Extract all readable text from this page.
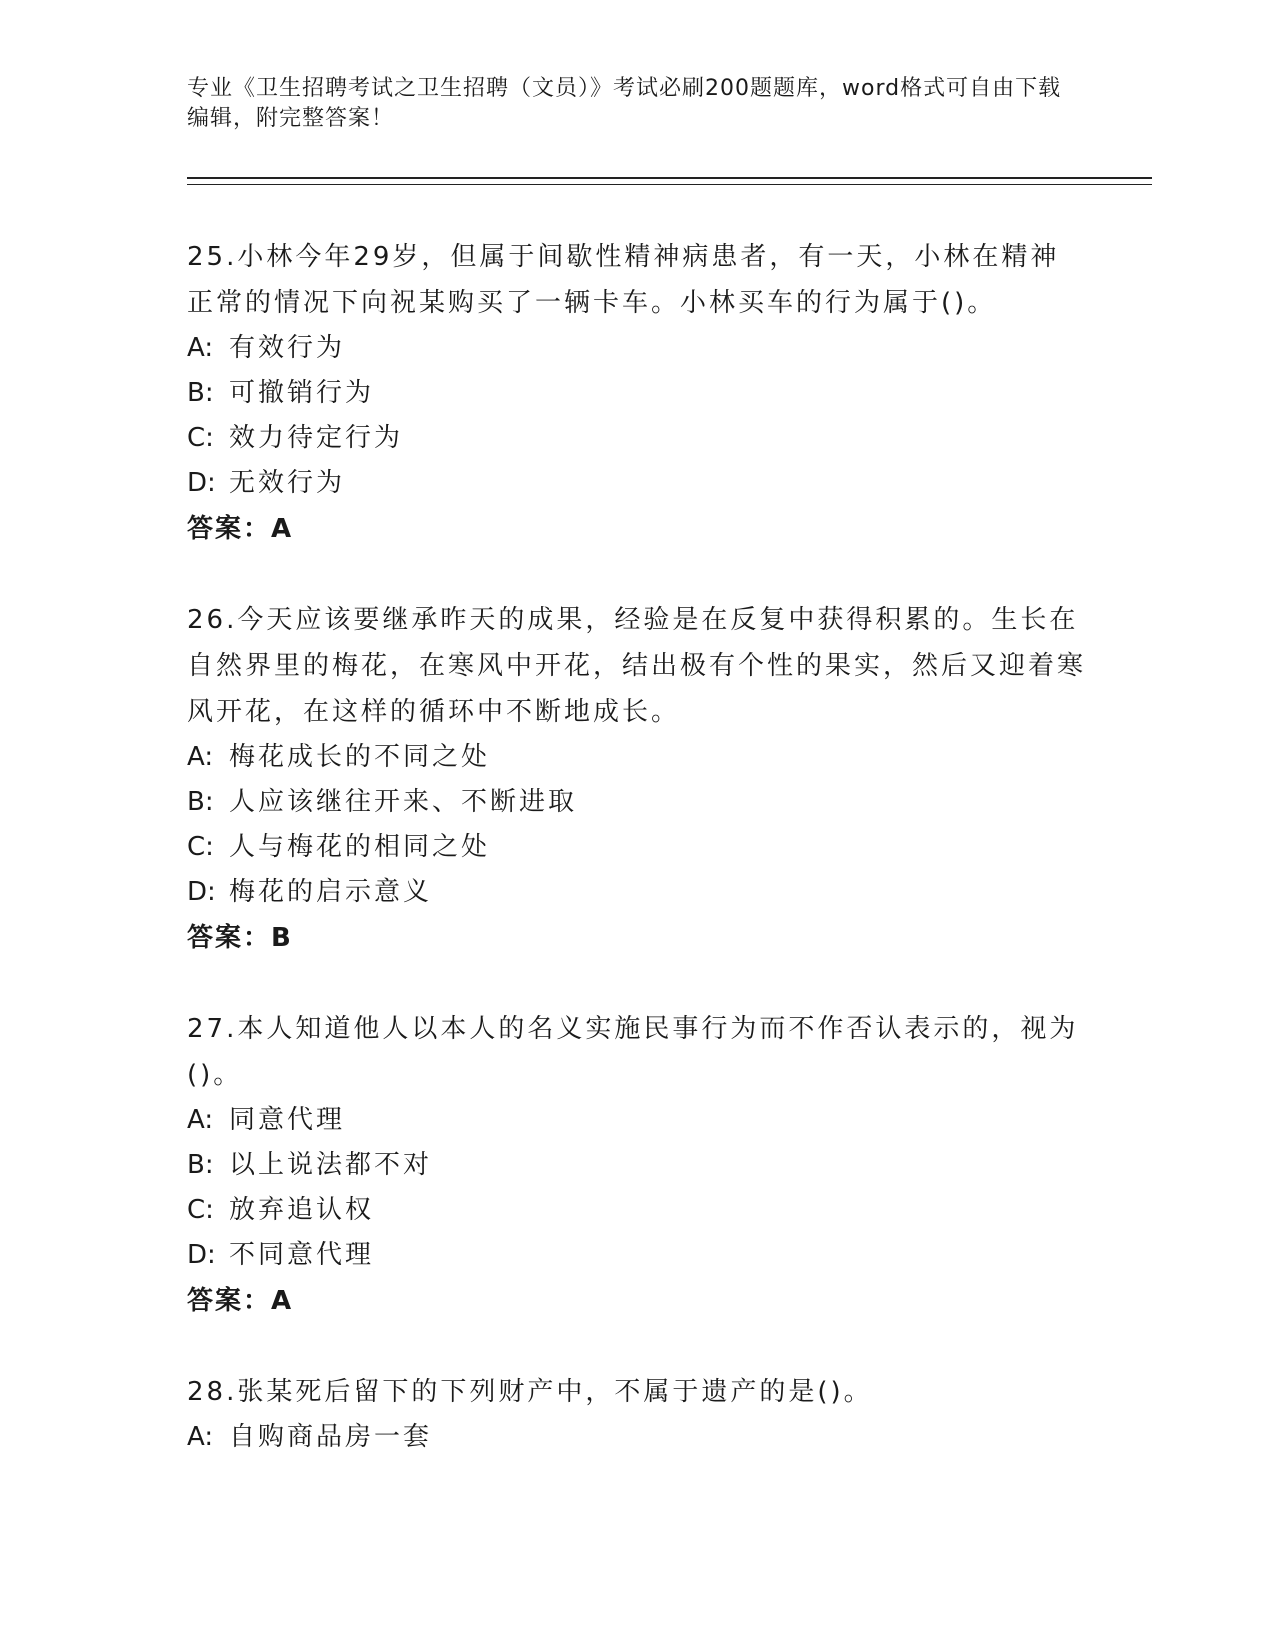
专业《卫生招聘考试之卫生招聘（文员）》考试必刷200题题库，word格式可自由下载编辑，附完整答案！

25.小林今年29岁，但属于间歇性精神病患者，有一天，小林在精神正常的情况下向祝某购买了一辆卡车。小林买车的行为属于()。

A: 有效行为

B: 可撤销行为

C: 效力待定行为

D: 无效行为

答案：A

26.今天应该要继承昨天的成果，经验是在反复中获得积累的。生长在自然界里的梅花，在寒风中开花，结出极有个性的果实，然后又迎着寒风开花，在这样的循环中不断地成长。

A: 梅花成长的不同之处

B: 人应该继往开来、不断进取

C: 人与梅花的相同之处

D: 梅花的启示意义

答案：B

27.本人知道他人以本人的名义实施民事行为而不作否认表示的，视为()。

A: 同意代理

B: 以上说法都不对

C: 放弃追认权

D: 不同意代理

答案：A

28.张某死后留下的下列财产中，不属于遗产的是()。

A: 自购商品房一套
